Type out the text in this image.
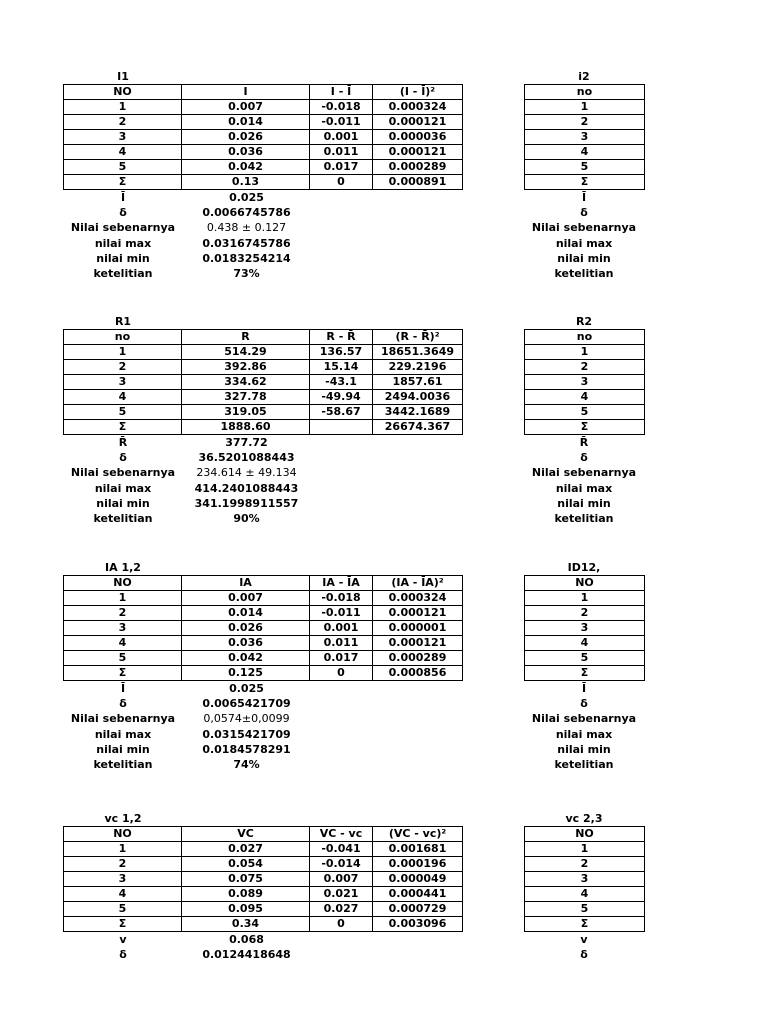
I1	i2
NO	I	I - Ī	(I - Ī)²
1	0.007	-0.018	0.000324
2	0.014	-0.011	0.000121
3	0.026	0.001	0.000036
4	0.036	0.011	0.000121
5	0.042	0.017	0.000289
Σ	0.13	0	0.000891
no
1
2
3
4
5
Σ
Ī	0.025
δ	0.0066745786
Nilai sebenarnya	0.438 ± 0.127
nilai max	0.0316745786
nilai min	0.0183254214
ketelitian	73%
Ī
δ
Nilai sebenarnya
nilai max
nilai min
ketelitian
R1	R2
no	R	R - R̄	(R - R̄)²
1	514.29	136.57	18651.3649
2	392.86	15.14	229.2196
3	334.62	-43.1	1857.61
4	327.78	-49.94	2494.0036
5	319.05	-58.67	3442.1689
Σ	1888.60		26674.367
no
1
2
3
4
5
Σ
R̄	377.72
δ	36.5201088443
Nilai sebenarnya	234.614 ± 49.134
nilai max	414.2401088443
nilai min	341.1998911557
ketelitian	90%
R̄
δ
Nilai sebenarnya
nilai max
nilai min
ketelitian
IA 1,2	ID12,
NO	IA	IA - ĪA	(IA - ĪA)²
1	0.007	-0.018	0.000324
2	0.014	-0.011	0.000121
3	0.026	0.001	0.000001
4	0.036	0.011	0.000121
5	0.042	0.017	0.000289
Σ	0.125	0	0.000856
NO
1
2
3
4
5
Σ
Ī	0.025
δ	0.0065421709
Nilai sebenarnya	0,0574±0,0099
nilai max	0.0315421709
nilai min	0.0184578291
ketelitian	74%
Ī
δ
Nilai sebenarnya
nilai max
nilai min
ketelitian
vc 1,2	vc 2,3
NO	VC	VC - vc	(VC - vc)²
1	0.027	-0.041	0.001681
2	0.054	-0.014	0.000196
3	0.075	0.007	0.000049
4	0.089	0.021	0.000441
5	0.095	0.027	0.000729
Σ	0.34	0	0.003096
NO
1
2
3
4
5
Σ
v	0.068
δ	0.0124418648
v
δ
